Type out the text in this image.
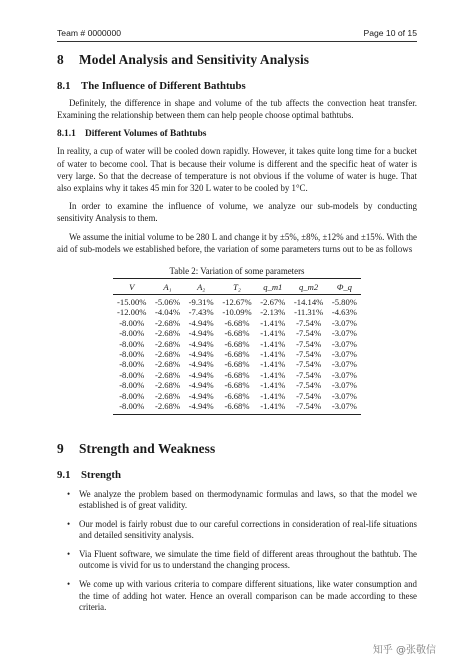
Team # 0000000	Page 10 of 15
8 Model Analysis and Sensitivity Analysis
8.1 The Influence of Different Bathtubs

Definitely, the difference in shape and volume of the tub affects the convection heat transfer. Examining the relationship between them can help people choose optimal bathtubs.

8.1.1 Different Volumes of Bathtubs

In reality, a cup of water will be cooled down rapidly. However, it takes quite long time for a bucket of water to become cool. That is because their volume is different and the specific heat of water is very large. So that the decrease of temperature is not obvious if the volume of water is huge. That also explains why it takes 45 min for 320 L water to be cooled by 1°C.

In order to examine the influence of volume, we analyze our sub-models by conducting sensitivity Analysis to them.

We assume the initial volume to be 280 L and change it by ±5%, ±8%, ±12% and ±15%. With the aid of sub-models we established before, the variation of some parameters turns out to be as follows

Table 2: Variation of some parameters
V	A₁	A₂	T₂	q_m1	q_m2	Φ_q
-15.00%	-5.06%	-9.31%	-12.67%	-2.67%	-14.14%	-5.80%
-12.00%	-4.04%	-7.43%	-10.09%	-2.13%	-11.31%	-4.63%
-8.00%	-2.68%	-4.94%	-6.68%	-1.41%	-7.54%	-3.07%
-8.00%	-2.68%	-4.94%	-6.68%	-1.41%	-7.54%	-3.07%
-8.00%	-2.68%	-4.94%	-6.68%	-1.41%	-7.54%	-3.07%
-8.00%	-2.68%	-4.94%	-6.68%	-1.41%	-7.54%	-3.07%
-8.00%	-2.68%	-4.94%	-6.68%	-1.41%	-7.54%	-3.07%
-8.00%	-2.68%	-4.94%	-6.68%	-1.41%	-7.54%	-3.07%
-8.00%	-2.68%	-4.94%	-6.68%	-1.41%	-7.54%	-3.07%
-8.00%	-2.68%	-4.94%	-6.68%	-1.41%	-7.54%	-3.07%
-8.00%	-2.68%	-4.94%	-6.68%	-1.41%	-7.54%	-3.07%
9 Strength and Weakness
9.1 Strength
• We analyze the problem based on thermodynamic formulas and laws, so that the model we established is of great validity.
• Our model is fairly robust due to our careful corrections in consideration of real-life situations and detailed sensitivity analysis.
• Via Fluent software, we simulate the time field of different areas throughout the bathtub. The outcome is vivid for us to understand the changing process.
• We come up with various criteria to compare different situations, like water consumption and the time of adding hot water. Hence an overall comparison can be made according to these criteria.
知乎 @张敬信
